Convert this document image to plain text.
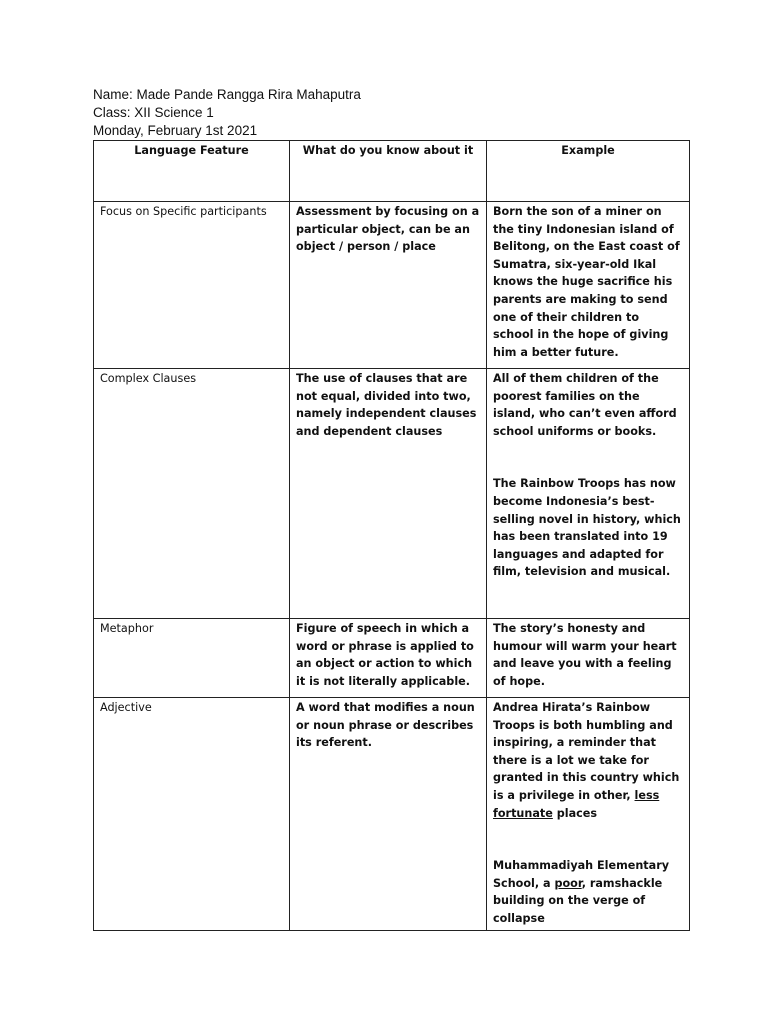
Name: Made Pande Rangga Rira Mahaputra
Class: XII Science 1
Monday, February 1st 2021
Language Feature	What do you know about it	Example
Focus on Specific participants	Assessment by focusing on a particular object, can be an object / person / place	Born the son of a miner on the tiny Indonesian island of Belitong, on the East coast of Sumatra, six-year-old Ikal knows the huge sacrifice his parents are making to send one of their children to school in the hope of giving him a better future.

Complex Clauses	The use of clauses that are not equal, divided into two, namely independent clauses and dependent clauses	All of them children of the poorest families on the island, who can’t even afford school uniforms or books.
The Rainbow Troops has now become Indonesia’s best-selling novel in history, which has been translated into 19 languages and adapted for film, television and musical.

Metaphor	Figure of speech in which a word or phrase is applied to an object or action to which it is not literally applicable.	The story’s honesty and humour will warm your heart and leave you with a feeling of hope.

Adjective	A word that modifies a noun or noun phrase or describes its referent.	Andrea Hirata’s Rainbow Troops is both humbling and inspiring, a reminder that there is a lot we take for granted in this country which is a privilege in other, less fortunate places
Muhammadiyah Elementary School, a poor, ramshackle building on the verge of collapse
